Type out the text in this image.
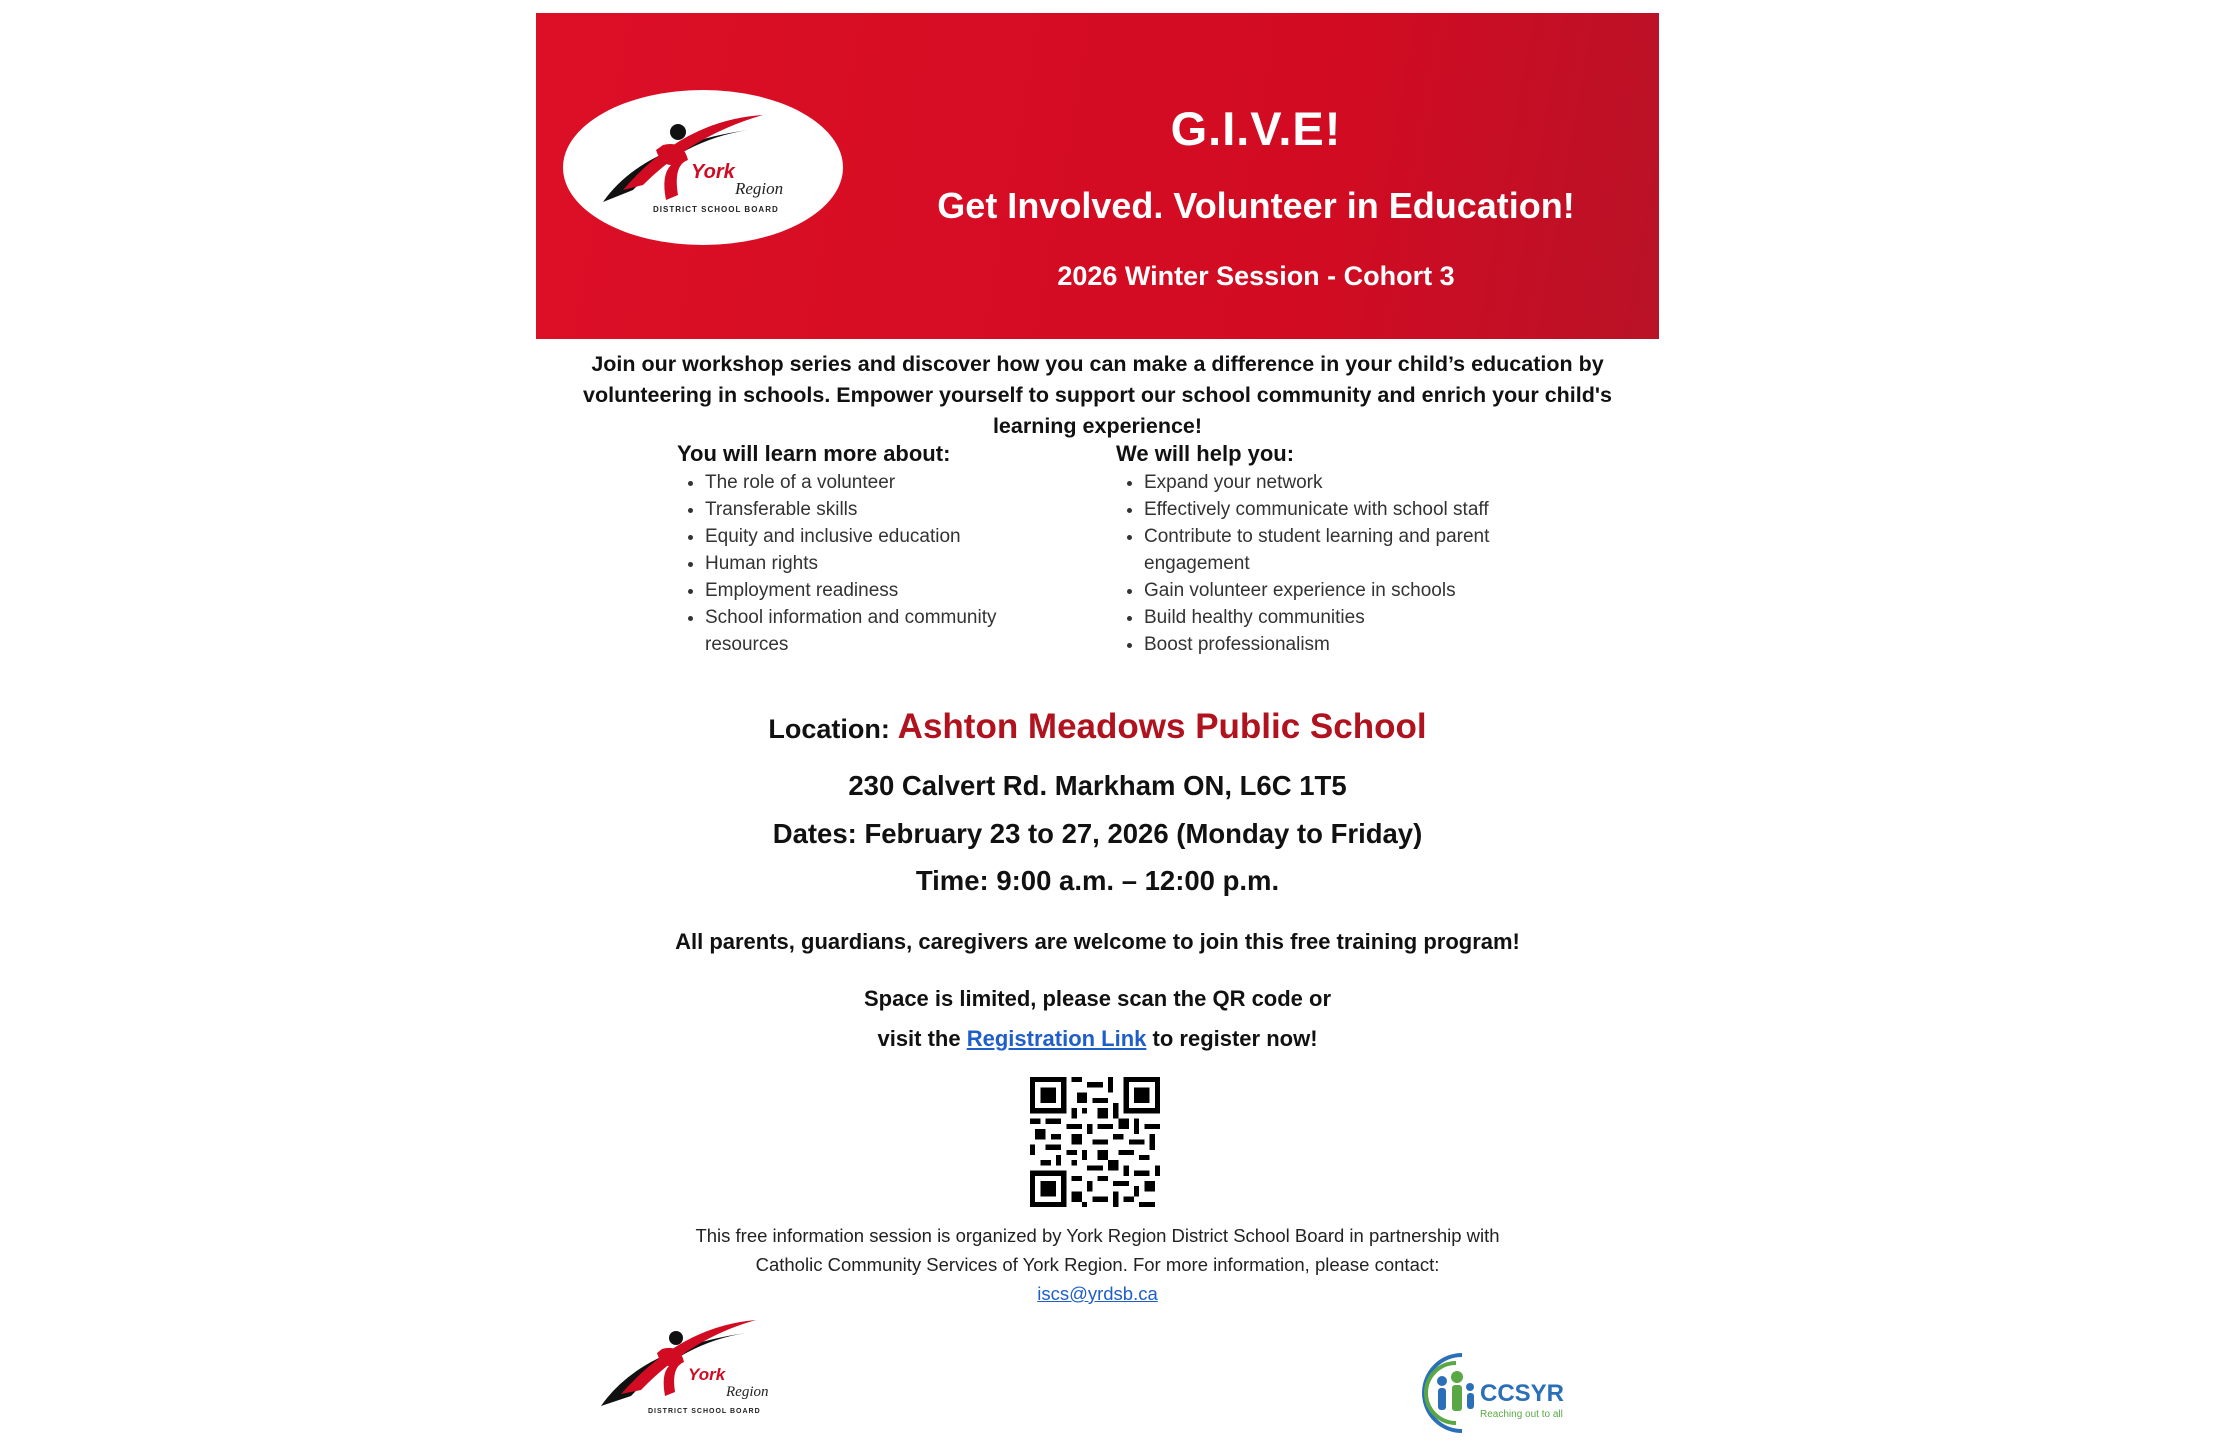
York
Region
DISTRICT SCHOOL BOARD
G.I.V.E!
Get Involved. Volunteer in Education!
2026 Winter Session - Cohort 3
Join our workshop series and discover how you can make a difference in your child’s education by volunteering in schools. Empower yourself to support our school community and enrich your child's learning experience!
You will learn more about:
• The role of a volunteer
• Transferable skills
• Equity and inclusive education
• Human rights
• Employment readiness
• School information and community resources
We will help you:
• Expand your network
• Effectively communicate with school staff
• Contribute to student learning and parent engagement
• Gain volunteer experience in schools
• Build healthy communities
• Boost professionalism
Location: Ashton Meadows Public School
230 Calvert Rd. Markham ON, L6C 1T5
Dates: February 23 to 27, 2026 (Monday to Friday)
Time: 9:00 a.m. – 12:00 p.m.
All parents, guardians, caregivers are welcome to join this free training program!
Space is limited, please scan the QR code or
visit the Registration Link to register now!
This free information session is organized by York Region District School Board in partnership with
Catholic Community Services of York Region. For more information, please contact:
iscs@yrdsb.ca
York
Region
DISTRICT SCHOOL BOARD
CCSYR
Reaching out to all
